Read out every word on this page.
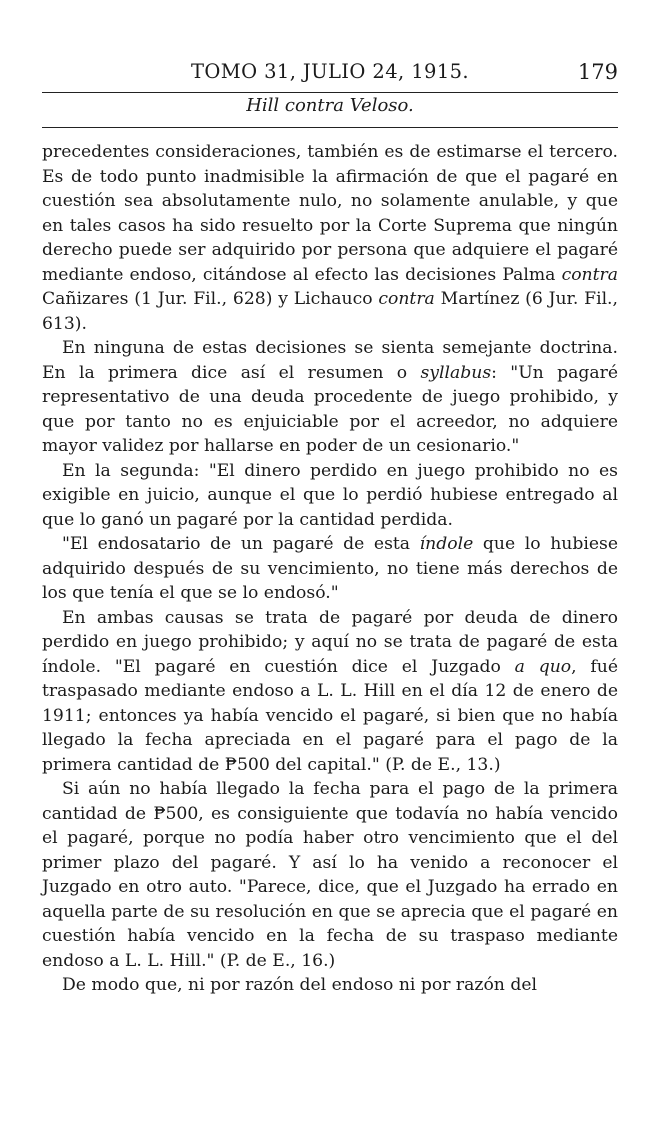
TOMO 31, JULIO 24, 1915.	179
Hill contra Veloso.

precedentes consideraciones, también es de estimarse el tercero. Es de todo punto inadmisible la afirmación de que el pagaré en cuestión sea absolutamente nulo, no solamente anulable, y que en tales casos ha sido resuelto por la Corte Suprema que ningún derecho puede ser adquirido por persona que adquiere el pagaré mediante endoso, citándose al efecto las decisiones Palma contra Cañizares (1 Jur. Fil., 628) y Lichauco contra Martínez (6 Jur. Fil., 613).

En ninguna de estas decisiones se sienta semejante doctrina. En la primera dice así el resumen o syllabus: "Un pagaré representativo de una deuda procedente de juego prohibido, y que por tanto no es enjuiciable por el acreedor, no adquiere mayor validez por hallarse en poder de un cesionario."

En la segunda: "El dinero perdido en juego prohibido no es exigible en juicio, aunque el que lo perdió hubiese entregado al que lo ganó un pagaré por la cantidad perdida.

"El endosatario de un pagaré de esta índole que lo hubiese adquirido después de su vencimiento, no tiene más derechos de los que tenía el que se lo endosó."

En ambas causas se trata de pagaré por deuda de dinero perdido en juego prohibido; y aquí no se trata de pagaré de esta índole. "El pagaré en cuestión dice el Juzgado a quo, fué traspasado mediante endoso a L. L. Hill en el día 12 de enero de 1911; entonces ya había vencido el pagaré, si bien que no había llegado la fecha apreciada en el pagaré para el pago de la primera cantidad de ₱500 del capital." (P. de E., 13.)

Si aún no había llegado la fecha para el pago de la primera cantidad de ₱500, es consiguiente que todavía no había vencido el pagaré, porque no podía haber otro vencimiento que el del primer plazo del pagaré. Y así lo ha venido a reconocer el Juzgado en otro auto. "Parece, dice, que el Juzgado ha errado en aquella parte de su resolución en que se aprecia que el pagaré en cuestión había vencido en la fecha de su traspaso mediante endoso a L. L. Hill." (P. de E., 16.)

De modo que, ni por razón del endoso ni por razón del
